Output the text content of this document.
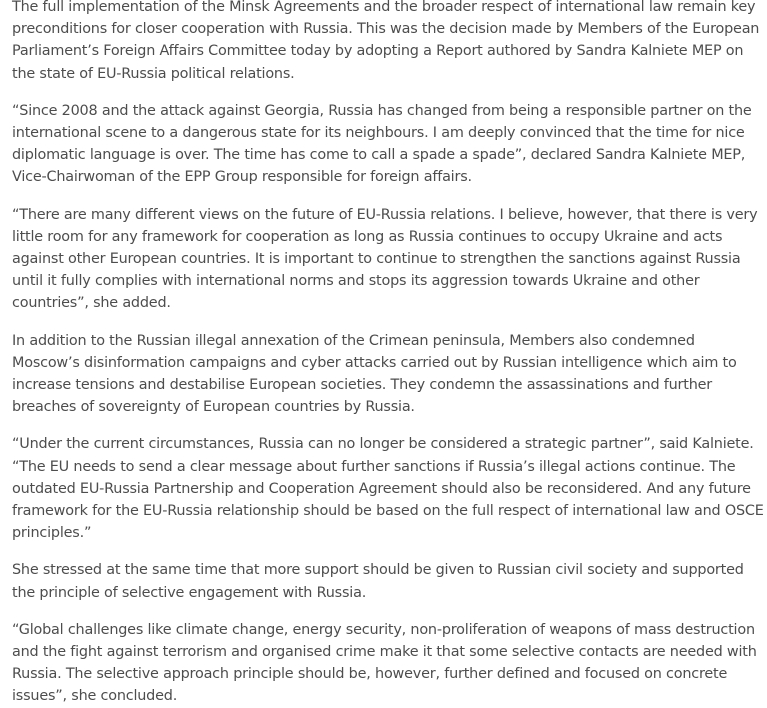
The full implementation of the Minsk Agreements and the broader respect of international law remain key preconditions for closer cooperation with Russia. This was the decision made by Members of the European Parliament’s Foreign Affairs Committee today by adopting a Report authored by Sandra Kalniete MEP on the state of EU-Russia political relations.

“Since 2008 and the attack against Georgia, Russia has changed from being a responsible partner on the international scene to a dangerous state for its neighbours. I am deeply convinced that the time for nice diplomatic language is over. The time has come to call a spade a spade”, declared Sandra Kalniete MEP, Vice-Chairwoman of the EPP Group responsible for foreign affairs.

“There are many different views on the future of EU-Russia relations. I believe, however, that there is very little room for any framework for cooperation as long as Russia continues to occupy Ukraine and acts against other European countries. It is important to continue to strengthen the sanctions against Russia until it fully complies with international norms and stops its aggression towards Ukraine and other countries”, she added.

In addition to the Russian illegal annexation of the Crimean peninsula, Members also condemned Moscow’s disinformation campaigns and cyber attacks carried out by Russian intelligence which aim to increase tensions and destabilise European societies. They condemn the assassinations and further breaches of sovereignty of European countries by Russia.

“Under the current circumstances, Russia can no longer be considered a strategic partner”, said Kalniete. “The EU needs to send a clear message about further sanctions if Russia’s illegal actions continue. The outdated EU-Russia Partnership and Cooperation Agreement should also be reconsidered. And any future framework for the EU-Russia relationship should be based on the full respect of international law and OSCE principles.”

She stressed at the same time that more support should be given to Russian civil society and supported the principle of selective engagement with Russia.

“Global challenges like climate change, energy security, non-proliferation of weapons of mass destruction and the fight against terrorism and organised crime make it that some selective contacts are needed with Russia. The selective approach principle should be, however, further defined and focused on concrete issues”, she concluded.
